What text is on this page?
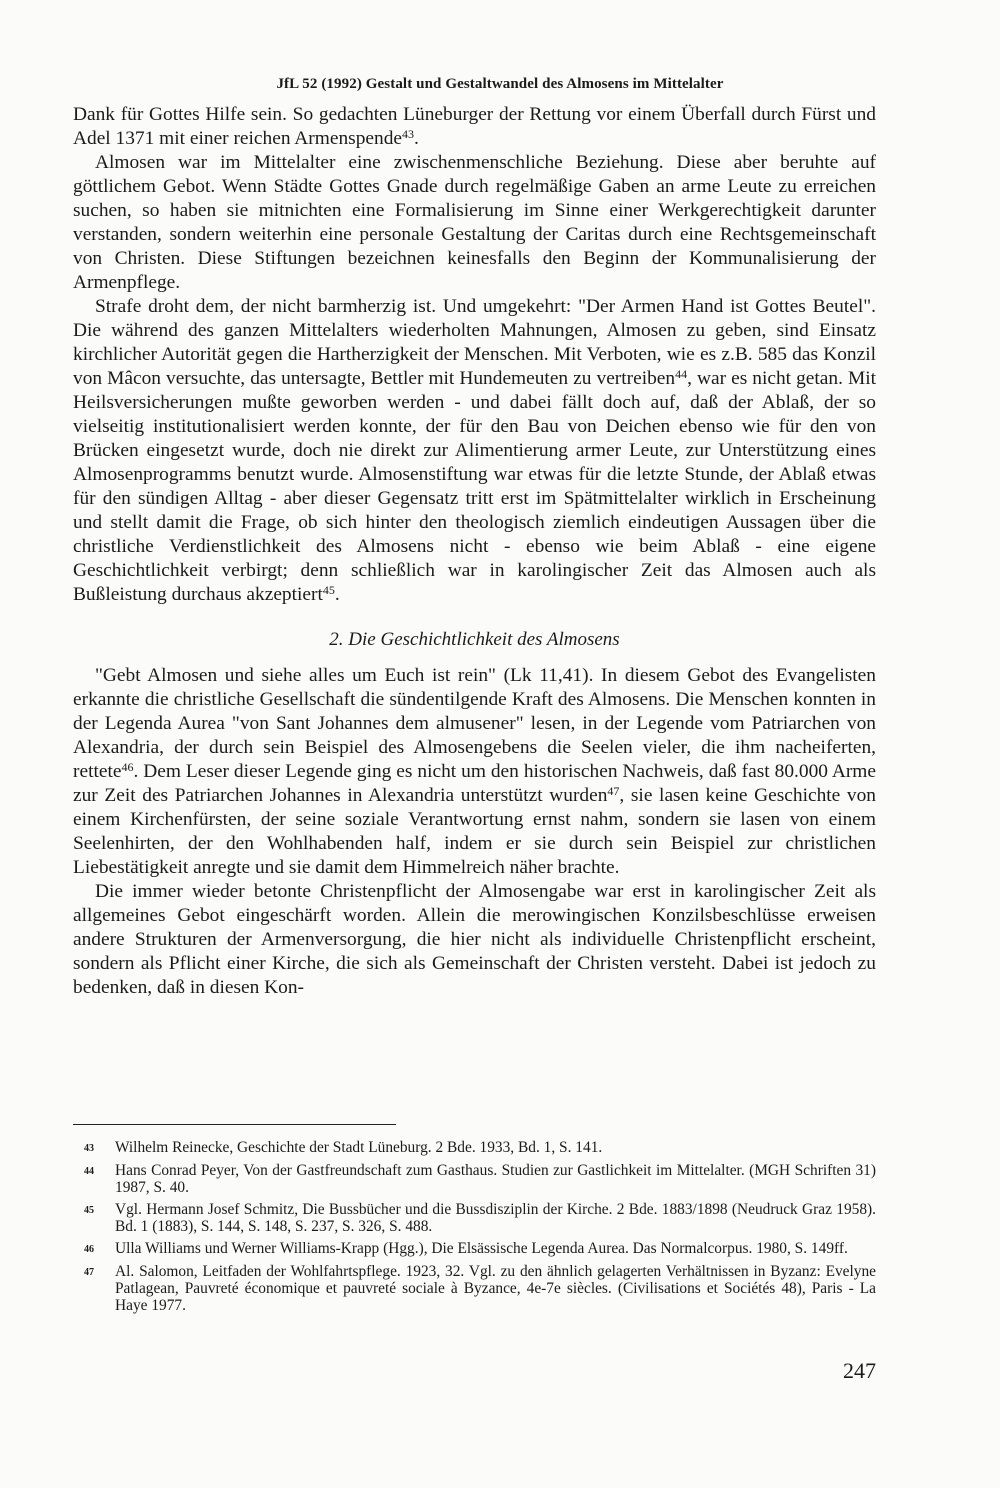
JfL 52 (1992) Gestalt und Gestaltwandel des Almosens im Mittelalter

Dank für Gottes Hilfe sein. So gedachten Lüneburger der Rettung vor einem Überfall durch Fürst und Adel 1371 mit einer reichen Armenspende$^{43}$.

Almosen war im Mittelalter eine zwischenmenschliche Beziehung. Diese aber beruhte auf göttlichem Gebot. Wenn Städte Gottes Gnade durch regelmäßige Gaben an arme Leute zu erreichen suchen, so haben sie mitnichten eine Formalisierung im Sinne einer Werkgerechtigkeit darunter verstanden, sondern weiterhin eine personale Gestaltung der Caritas durch eine Rechtsgemeinschaft von Christen. Diese Stiftungen bezeichnen keinesfalls den Beginn der Kommunalisierung der Armenpflege.

Strafe droht dem, der nicht barmherzig ist. Und umgekehrt: "Der Armen Hand ist Gottes Beutel". Die während des ganzen Mittelalters wiederholten Mahnungen, Almosen zu geben, sind Einsatz kirchlicher Autorität gegen die Hartherzigkeit der Menschen. Mit Verboten, wie es z.B. 585 das Konzil von Mâcon versuchte, das untersagte, Bettler mit Hundemeuten zu vertreiben$^{44}$, war es nicht getan. Mit Heilsversicherungen mußte geworben werden - und dabei fällt doch auf, daß der Ablaß, der so vielseitig institutionalisiert werden konnte, der für den Bau von Deichen ebenso wie für den von Brücken eingesetzt wurde, doch nie direkt zur Alimentierung armer Leute, zur Unterstützung eines Almosenprogramms benutzt wurde. Almosenstiftung war etwas für die letzte Stunde, der Ablaß etwas für den sündigen Alltag - aber dieser Gegensatz tritt erst im Spätmittelalter wirklich in Erscheinung und stellt damit die Frage, ob sich hinter den theologisch ziemlich eindeutigen Aussagen über die christliche Verdienstlichkeit des Almosens nicht - ebenso wie beim Ablaß - eine eigene Geschichtlichkeit verbirgt; denn schließlich war in karolingischer Zeit das Almosen auch als Bußleistung durchaus akzeptiert$^{45}$.

2. Die Geschichtlichkeit des Almosens

"Gebt Almosen und siehe alles um Euch ist rein" (Lk 11,41). In diesem Gebot des Evangelisten erkannte die christliche Gesellschaft die sündentilgende Kraft des Almosens. Die Menschen konnten in der Legenda Aurea "von Sant Johannes dem almusener" lesen, in der Legende vom Patriarchen von Alexandria, der durch sein Beispiel des Almosengebens die Seelen vieler, die ihm nacheiferten, rettete$^{46}$. Dem Leser dieser Legende ging es nicht um den historischen Nachweis, daß fast 80.000 Arme zur Zeit des Patriarchen Johannes in Alexandria unterstützt wurden$^{47}$, sie lasen keine Geschichte von einem Kirchenfürsten, der seine soziale Verantwortung ernst nahm, sondern sie lasen von einem Seelenhirten, der den Wohlhabenden half, indem er sie durch sein Beispiel zur christlichen Liebestätigkeit anregte und sie damit dem Himmelreich näher brachte.

Die immer wieder betonte Christenpflicht der Almosengabe war erst in karolingischer Zeit als allgemeines Gebot eingeschärft worden. Allein die merowingischen Konzilsbeschlüsse erweisen andere Strukturen der Armenversorgung, die hier nicht als individuelle Christenpflicht erscheint, sondern als Pflicht einer Kirche, die sich als Gemeinschaft der Christen versteht. Dabei ist jedoch zu bedenken, daß in diesen Kon-

43	Wilhelm Reinecke, Geschichte der Stadt Lüneburg. 2 Bde. 1933, Bd. 1, S. 141.
44	Hans Conrad Peyer, Von der Gastfreundschaft zum Gasthaus. Studien zur Gastlichkeit im Mittelalter. (MGH Schriften 31) 1987, S. 40.
45	Vgl. Hermann Josef Schmitz, Die Bussbücher und die Bussdisziplin der Kirche. 2 Bde. 1883/1898 (Neudruck Graz 1958). Bd. 1 (1883), S. 144, S. 148, S. 237, S. 326, S. 488.
46	Ulla Williams und Werner Williams-Krapp (Hgg.), Die Elsässische Legenda Aurea. Das Normalcorpus. 1980, S. 149ff.
47	Al. Salomon, Leitfaden der Wohlfahrtspflege. 1923, 32. Vgl. zu den ähnlich gelagerten Verhältnissen in Byzanz: Evelyne Patlagean, Pauvreté économique et pauvreté sociale à Byzance, 4e-7e siècles. (Civilisations et Sociétés 48), Paris - La Haye 1977.
247
